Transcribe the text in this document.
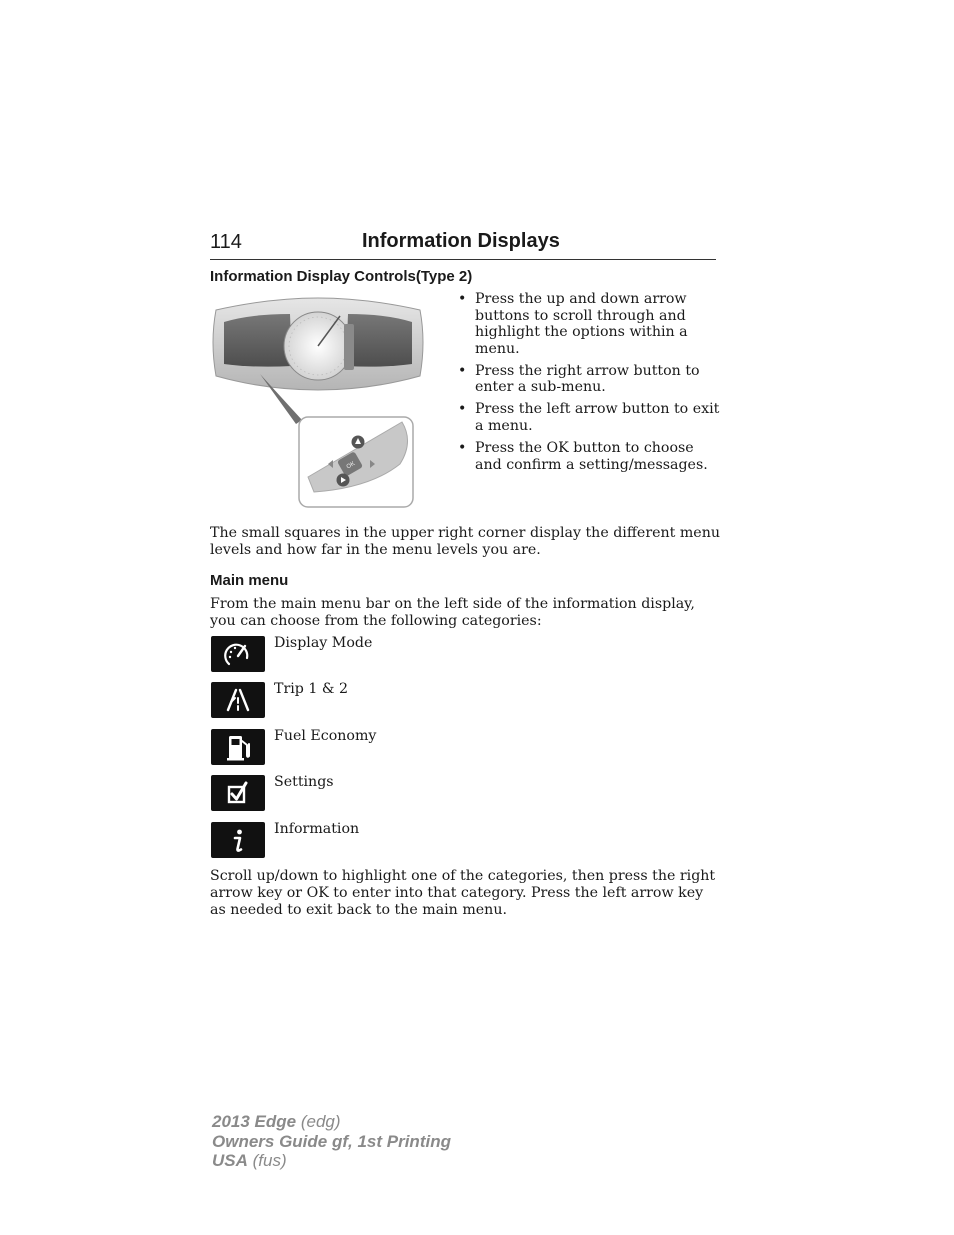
114	Information Displays
Information Display Controls(Type 2)
OK
• Press the up and down arrow buttons to scroll through and highlight the options within a menu.
• Press the right arrow button to enter a sub-menu.
• Press the left arrow button to exit a menu.
• Press the OK button to choose and confirm a setting/messages.

The small squares in the upper right corner display the different menu levels and how far in the menu levels you are.

Main menu

From the main menu bar on the left side of the information display, you can choose from the following categories:

Display Mode
Trip 1 & 2
Fuel Economy
Settings
Information

Scroll up/down to highlight one of the categories, then press the right arrow key or OK to enter into that category. Press the left arrow key as needed to exit back to the main menu.

2013 Edge (edg)
Owners Guide gf, 1st Printing
USA (fus)
